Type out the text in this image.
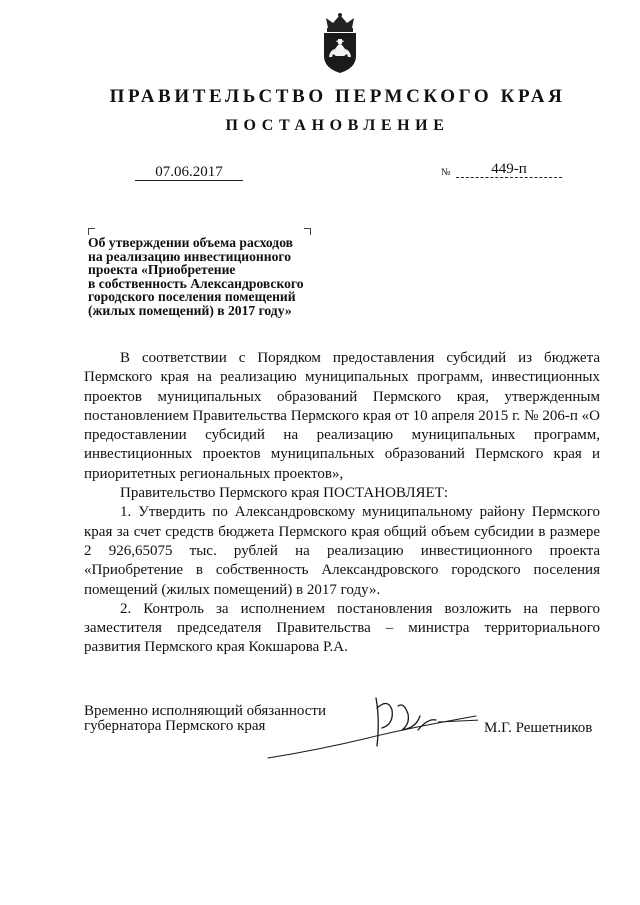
ПРАВИТЕЛЬСТВО ПЕРМСКОГО КРАЯ
ПОСТАНОВЛЕНИЕ
07.06.2017	№	449-п
Об утверждении объема расходов
на реализацию инвестиционного
проекта «Приобретение
в собственность Александровского
городского поселения помещений
(жилых помещений) в 2017 году»

В соответствии с Порядком предоставления субсидий из бюджета Пермского края на реализацию муниципальных программ, инвестиционных проектов муниципальных образований Пермского края, утвержденным постановлением Правительства Пермского края от 10 апреля 2015 г. № 206-п «О предоставлении субсидий на реализацию муниципальных программ, инвестиционных проектов муниципальных образований Пермского края и приоритетных региональных проектов»,

Правительство Пермского края ПОСТАНОВЛЯЕТ:

1. Утвердить по Александровскому муниципальному району Пермского края за счет средств бюджета Пермского края общий объем субсидии в размере 2 926,65075 тыс. рублей на реализацию инвестиционного проекта «Приобретение в собственность Александровского городского поселения помещений (жилых помещений) в 2017 году».

2. Контроль за исполнением постановления возложить на первого заместителя председателя Правительства – министра территориального развития Пермского края Кокшарова Р.А.

Временно исполняющий обязанности
губернатора Пермского края	М.Г. Решетников
